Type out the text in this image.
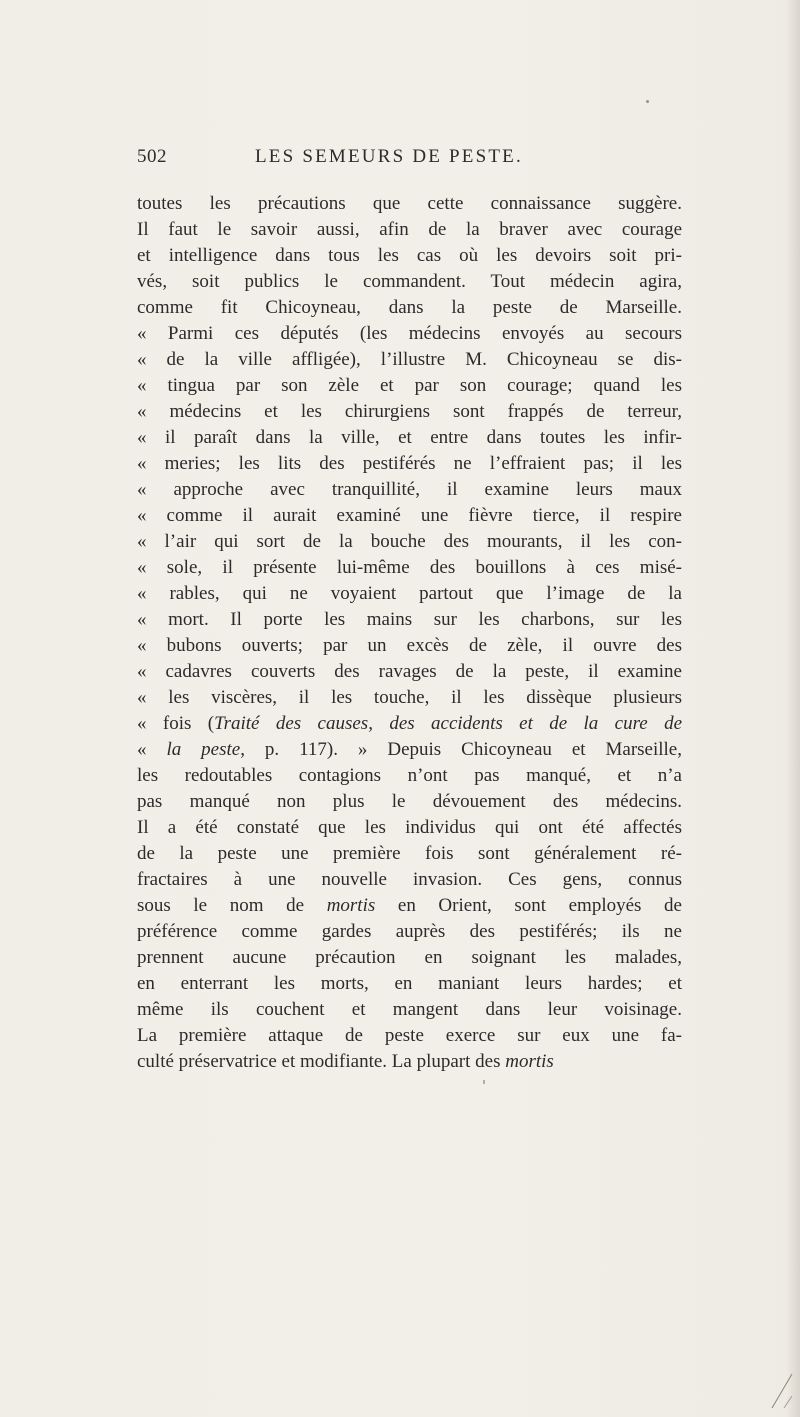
502	LES SEMEURS DE PESTE.
toutes les précautions que cette connaissance suggère.
Il faut le savoir aussi, afin de la braver avec courage
et intelligence dans tous les cas où les devoirs soit pri-
vés, soit publics le commandent. Tout médecin agira,
comme fit Chicoyneau, dans la peste de Marseille.
« Parmi ces députés (les médecins envoyés au secours
« de la ville affligée), l’illustre M. Chicoyneau se dis-
« tingua par son zèle et par son courage; quand les
« médecins et les chirurgiens sont frappés de terreur,
« il paraît dans la ville, et entre dans toutes les infir-
« meries; les lits des pestiférés ne l’effraient pas; il les
« approche avec tranquillité, il examine leurs maux
« comme il aurait examiné une fièvre tierce, il respire
« l’air qui sort de la bouche des mourants, il les con-
« sole, il présente lui-même des bouillons à ces misé-
« rables, qui ne voyaient partout que l’image de la
« mort. Il porte les mains sur les charbons, sur les
« bubons ouverts; par un excès de zèle, il ouvre des
« cadavres couverts des ravages de la peste, il examine
« les viscères, il les touche, il les dissèque plusieurs
« fois (Traité des causes, des accidents et de la cure de
« la peste, p. 117). » Depuis Chicoyneau et Marseille,
les redoutables contagions n’ont pas manqué, et n’a
pas manqué non plus le dévouement des médecins.
Il a été constaté que les individus qui ont été affectés
de la peste une première fois sont généralement ré-
fractaires à une nouvelle invasion. Ces gens, connus
sous le nom de mortis en Orient, sont employés de
préférence comme gardes auprès des pestiférés; ils ne
prennent aucune précaution en soignant les malades,
en enterrant les morts, en maniant leurs hardes; et
même ils couchent et mangent dans leur voisinage.
La première attaque de peste exerce sur eux une fa-
culté préservatrice et modifiante. La plupart des mortis
